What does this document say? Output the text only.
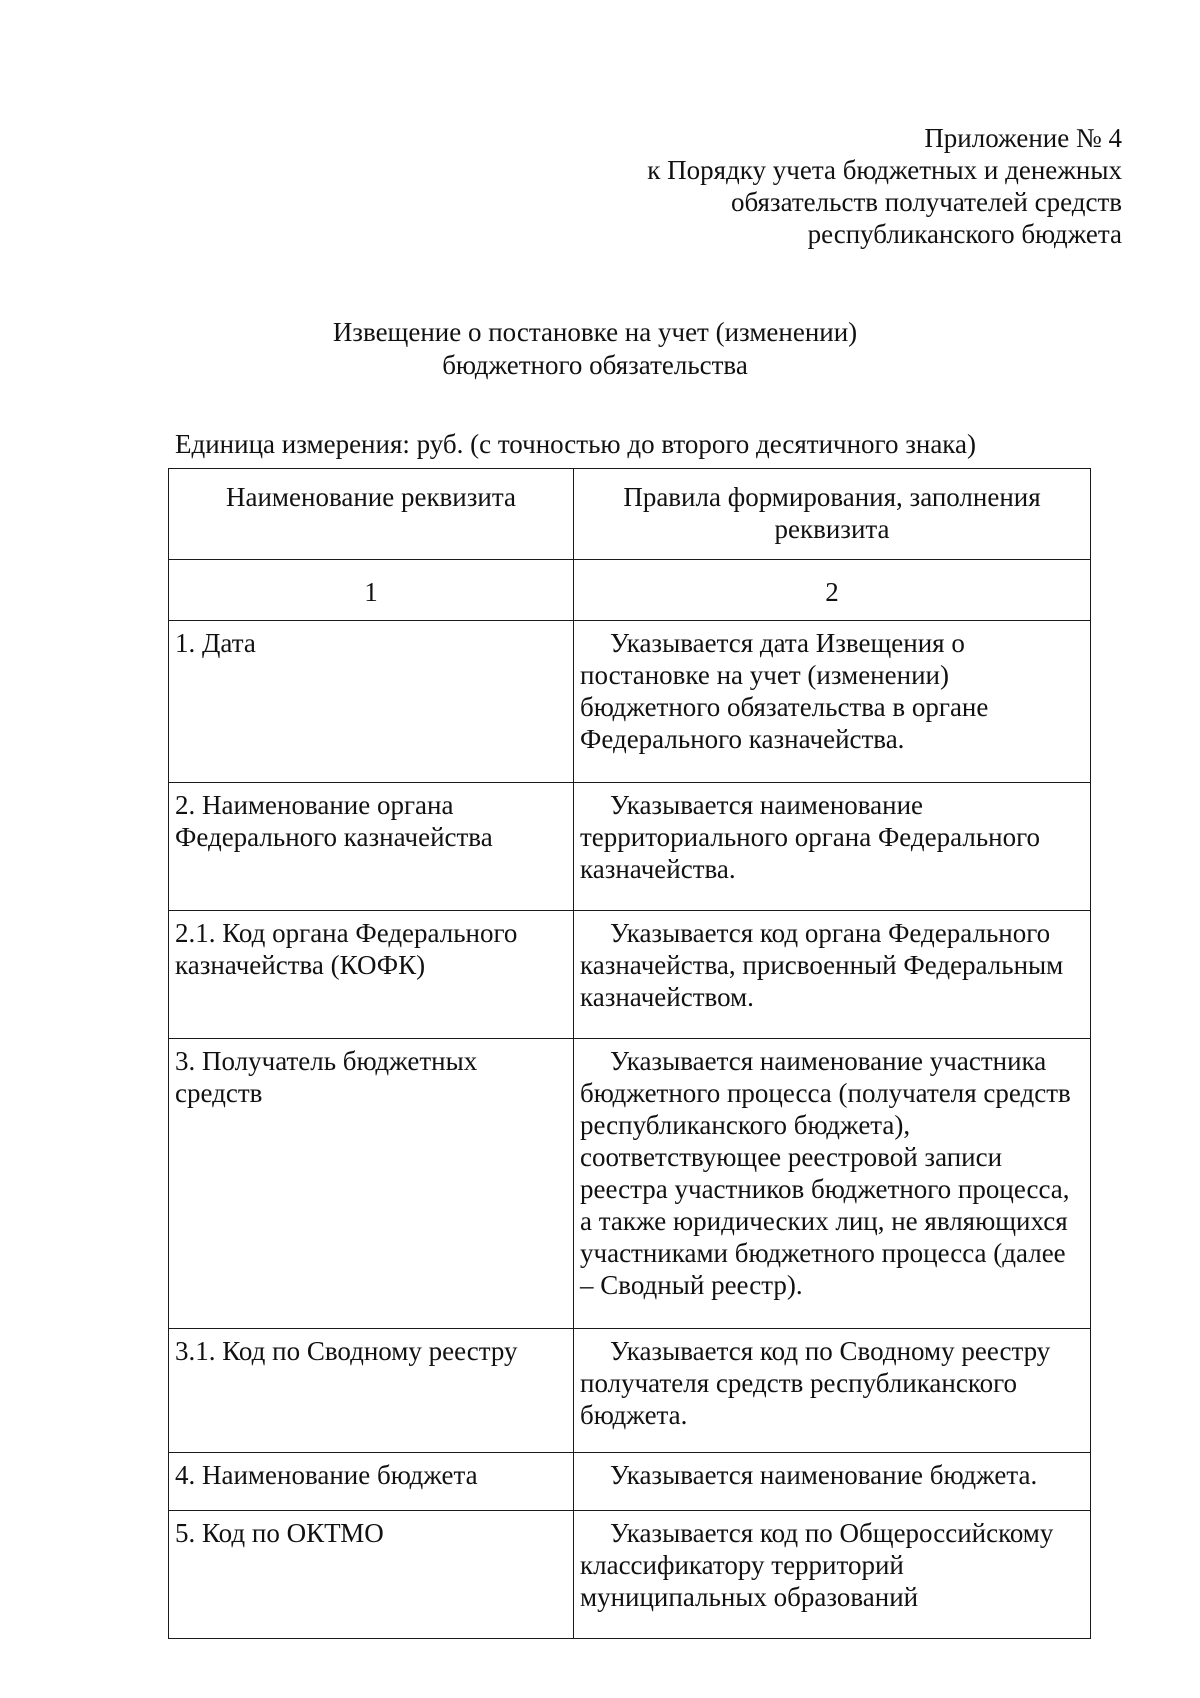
Приложение № 4
к Порядку учета бюджетных и денежных
обязательств получателей средств
республиканского бюджета
Извещение о постановке на учет (изменении)
бюджетного обязательства
Единица измерения: руб. (с точностью до второго десятичного знака)
Наименование реквизита	Правила формирования, заполнения реквизита
1	2
1. Дата	Указывается дата Извещения о постановке на учет (изменении) бюджетного обязательства в органе Федерального казначейства.
2. Наименование органа Федерального казначейства	Указывается наименование территориального органа Федерального казначейства.
2.1. Код органа Федерального казначейства (КОФК)	Указывается код органа Федерального казначейства, присвоенный Федеральным казначейством.
3. Получатель бюджетных средств	Указывается наименование участника бюджетного процесса (получателя средств республиканского бюджета), соответствующее реестровой записи реестра участников бюджетного процесса, а также юридических лиц, не являющихся участниками бюджетного процесса (далее – Сводный реестр).
3.1. Код по Сводному реестру	Указывается код по Сводному реестру получателя средств республиканского бюджета.
4. Наименование бюджета	Указывается наименование бюджета.
5. Код по ОКТМО	Указывается код по Общероссийскому классификатору территорий муниципальных образований
